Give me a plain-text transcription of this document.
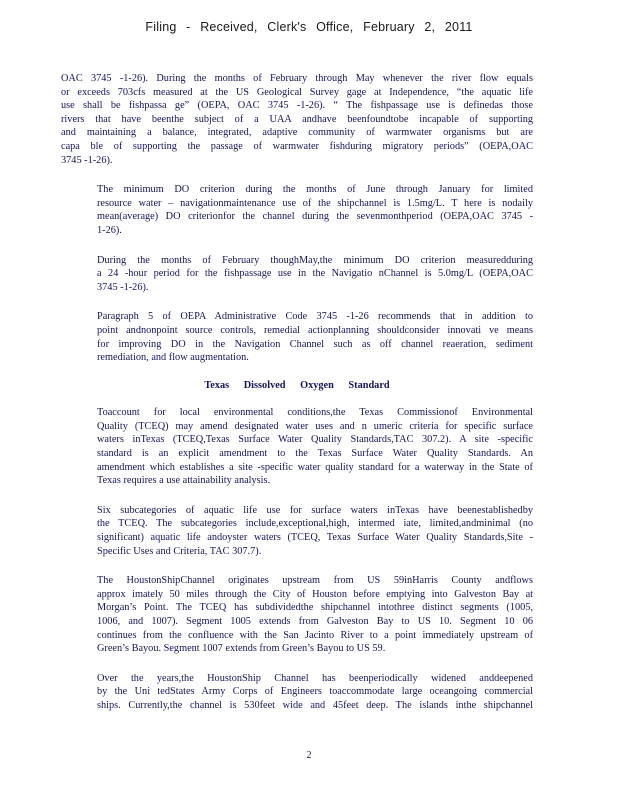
Filing - Received, Clerk's Office, February 2, 2011
OAC 3745 -1-26). During the months of February through May whenever the river flow equals
or exceeds 703cfs measured at the US Geological Survey gage at Independence, “the aquatic life
use shall be fishpassa ge” (OEPA, OAC 3745 -1-26). “ The fishpassage use is definedas those
rivers that have beenthe subject of a UAA andhave beenfoundtobe incapable of supporting
and maintaining a balance, integrated, adaptive community of warmwater organisms but are
capa ble of supporting the passage of warmwater fishduring migratory periods” (OEPA,OAC
3745 -1-26).
The minimum DO criterion during the months of June through January for limited
resource water – navigationmaintenance use of the shipchannel is 1.5mg/L. T here is nodaily
mean(average) DO criterionfor the channel during the sevenmonthperiod (OEPA,OAC 3745 -
1-26).
During the months of February thoughMay,the minimum DO criterion measuredduring
a 24 -hour period for the fishpassage use in the Navigatio nChannel is 5.0mg/L (OEPA,OAC
3745 -1-26).
Paragraph 5 of OEPA Administrative Code 3745 -1-26 recommends that in addition to
point andnonpoint source controls, remedial actionplanning shouldconsider innovati ve means
for improving DO in the Navigation Channel such as off channel reaeration, sediment
remediation, and flow augmentation.
Texas Dissolved Oxygen Standard
Toaccount for local environmental conditions,the Texas Commissionof Environmental
Quality (TCEQ) may amend designated water uses and n umeric criteria for specific surface
waters inTexas (TCEQ,Texas Surface Water Quality Standards,TAC 307.2). A site -specific
standard is an explicit amendment to the Texas Surface Water Quality Standards. An
amendment which establishes a site -specific water quality standard for a waterway in the State of
Texas requires a use attainability analysis.
Six subcategories of aquatic life use for surface waters inTexas have beenestablishedby
the TCEQ. The subcategories include,exceptional,high, intermed iate, limited,andminimal (no
significant) aquatic life andoyster waters (TCEQ, Texas Surface Water Quality Standards,Site -
Specific Uses and Criteria, TAC 307.7).
The HoustonShipChannel originates upstream from US 59inHarris County andflows
approx imately 50 miles through the City of Houston before emptying into Galveston Bay at
Morgan’s Point. The TCEQ has subdividedthe shipchannel intothree distinct segments (1005,
1006, and 1007). Segment 1005 extends from Galveston Bay to US 10. Segment 10 06
continues from the confluence with the San Jacinto River to a point immediately upstream of
Green’s Bayou. Segment 1007 extends from Green’s Bayou to US 59.
Over the years,the HoustonShip Channel has beenperiodically widened anddeepened
by the Uni tedStates Army Corps of Engineers toaccommodate large oceangoing commercial
ships. Currently,the channel is 530feet wide and 45feet deep. The islands inthe shipchannel
2
